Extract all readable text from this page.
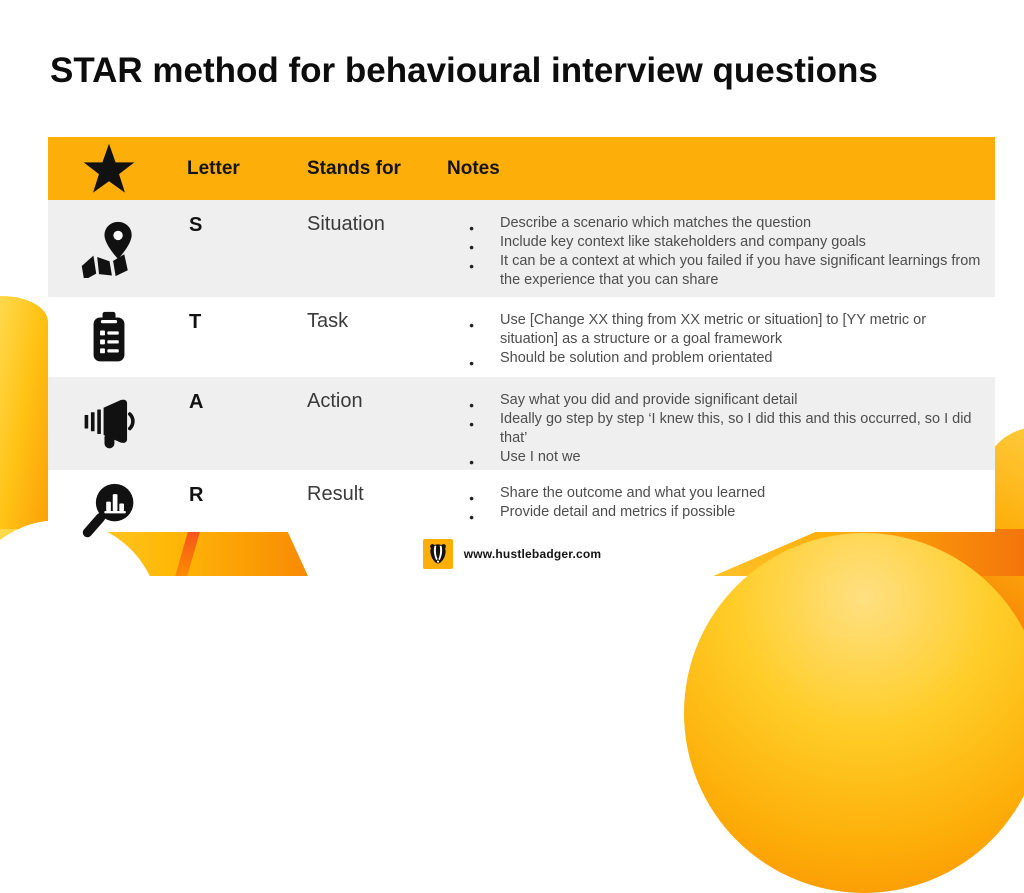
STAR method for behavioural interview questions
Letter	Stands for	Notes
S	Situation	● Describe a scenario which matches the question
● Include key context like stakeholders and company goals
● It can be a context at which you failed if you have significant learnings from the experience that you can share
T	Task	● Use [Change XX thing from XX metric or situation] to [YY metric or situation] as a structure or a goal framework
● Should be solution and problem orientated
A	Action	● Say what you did and provide significant detail
● Ideally go step by step ‘I knew this, so I did this and this occurred, so I did that’
● Use I not we
R	Result	● Share the outcome and what you learned
● Provide detail and metrics if possible
www.hustlebadger.com
